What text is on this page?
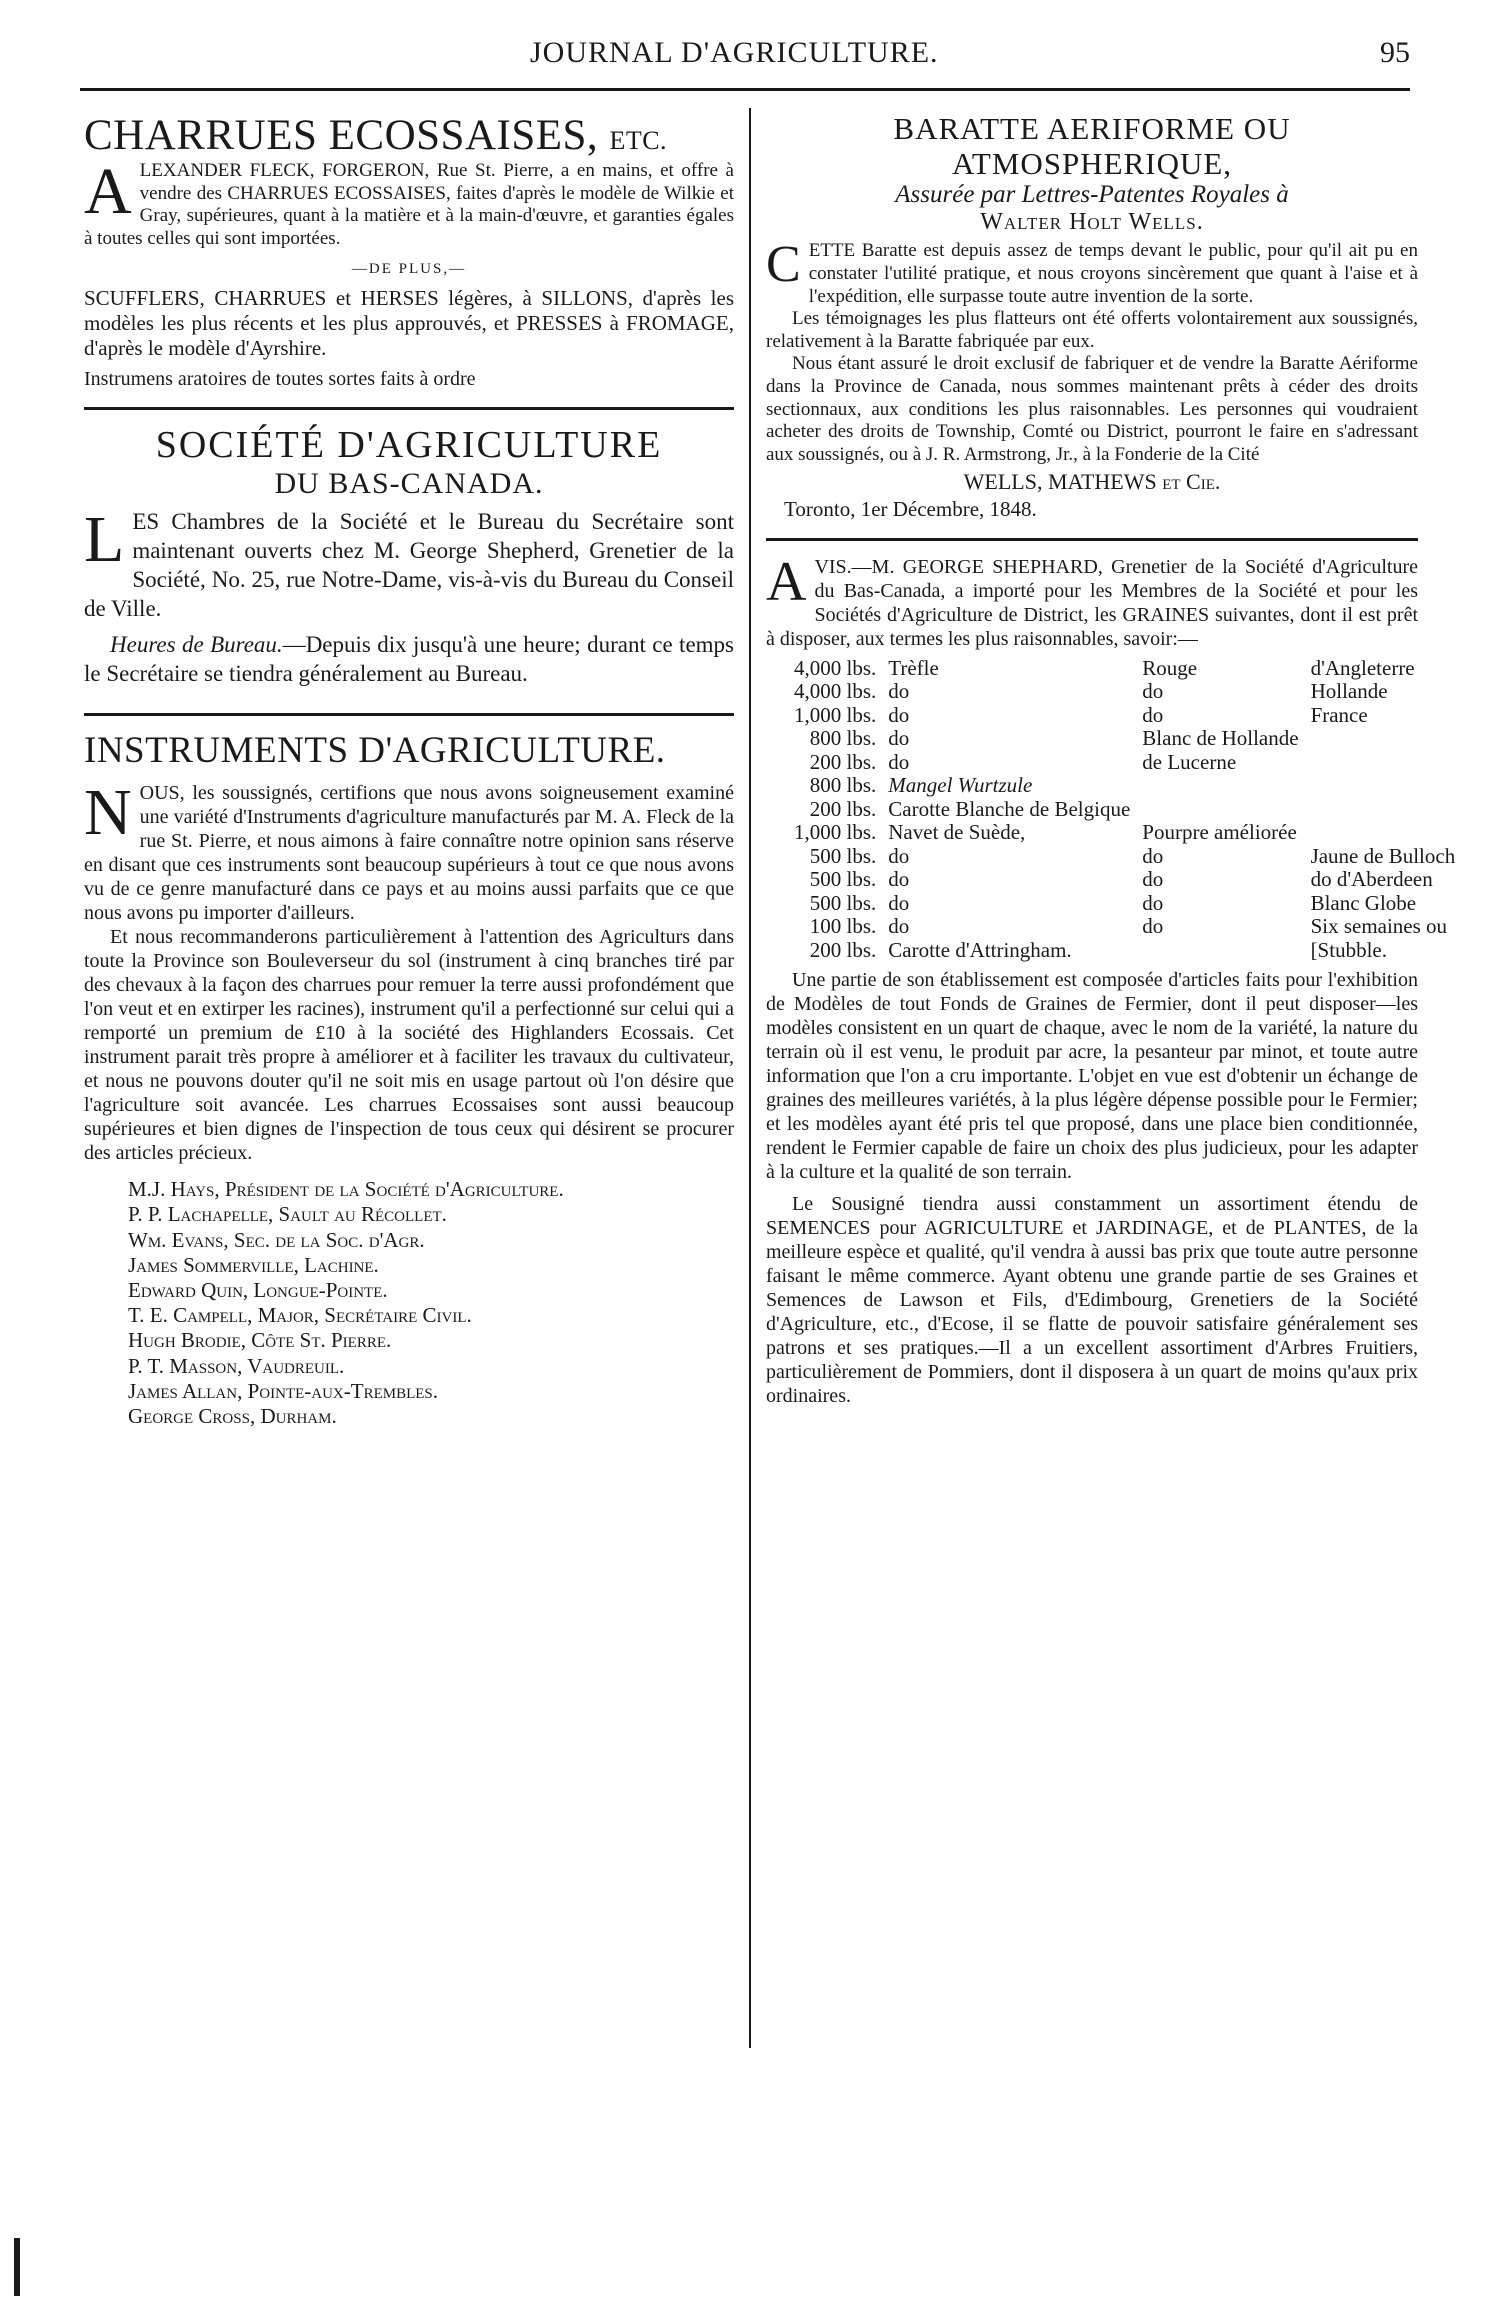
JOURNAL D'AGRICULTURE.	95
CHARRUES ECOSSAISES, ETC.

ALEXANDER FLECK, FORGERON, Rue St. Pierre, a en mains, et offre à vendre des CHARRUES ECOSSAISES, faites d'après le modèle de Wilkie et Gray, supérieures, quant à la matière et à la main-d'œuvre, et garanties égales à toutes celles qui sont importées.

—DE PLUS,—

SCUFFLERS, CHARRUES et HERSES légères, à SILLONS, d'après les modèles les plus récents et les plus approuvés, et PRESSES à FROMAGE, d'après le modèle d'Ayrshire.

Instrumens aratoires de toutes sortes faits à ordre

SOCIÉTÉ D'AGRICULTURE
DU BAS-CANADA.

LES Chambres de la Société et le Bureau du Secrétaire sont maintenant ouverts chez M. George Shepherd, Grenetier de la Société, No. 25, rue Notre-Dame, vis-à-vis du Bureau du Conseil de Ville.

Heures de Bureau.—Depuis dix jusqu'à une heure; durant ce temps le Secrétaire se tiendra généralement au Bureau.

INSTRUMENTS D'AGRICULTURE.

NOUS, les soussignés, certifions que nous avons soigneusement examiné une variété d'Instruments d'agriculture manufacturés par M. A. Fleck de la rue St. Pierre, et nous aimons à faire connaître notre opinion sans réserve en disant que ces instruments sont beaucoup supérieurs à tout ce que nous avons vu de ce genre manufacturé dans ce pays et au moins aussi parfaits que ce que nous avons pu importer d'ailleurs.

Et nous recommanderons particulièrement à l'attention des Agriculturs dans toute la Province son Bouleverseur du sol (instrument à cinq branches tiré par des chevaux à la façon des charrues pour remuer la terre aussi profondément que l'on veut et en extirper les racines), instrument qu'il a perfectionné sur celui qui a remporté un premium de £10 à la société des Highlanders Ecossais. Cet instrument parait très propre à améliorer et à faciliter les travaux du cultivateur, et nous ne pouvons douter qu'il ne soit mis en usage partout où l'on désire que l'agriculture soit avancée. Les charrues Ecossaises sont aussi beaucoup supérieures et bien dignes de l'inspection de tous ceux qui désirent se procurer des articles précieux.

M.J. Hays, Président de la Société d'Agriculture.
P. P. Lachapelle, Sault au Récollet.
Wm. Evans, Sec. de la Soc. d'Agr.
James Sommerville, Lachine.
Edward Quin, Longue-Pointe.
T. E. Campell, Major, Secrétaire Civil.
Hugh Brodie, Côte St. Pierre.
P. T. Masson, Vaudreuil.
James Allan, Pointe-aux-Trembles.
George Cross, Durham.
BARATTE AERIFORME OU ATMOSPHERIQUE,
Assurée par Lettres-Patentes Royales à
Walter Holt Wells.

CETTE Baratte est depuis assez de temps devant le public, pour qu'il ait pu en constater l'utilité pratique, et nous croyons sincèrement que quant à l'aise et à l'expédition, elle surpasse toute autre invention de la sorte.

Les témoignages les plus flatteurs ont été offerts volontairement aux soussignés, relativement à la Baratte fabriquée par eux.

Nous étant assuré le droit exclusif de fabriquer et de vendre la Baratte Aériforme dans la Province de Canada, nous sommes maintenant prêts à céder des droits sectionnaux, aux conditions les plus raisonnables. Les personnes qui voudraient acheter des droits de Township, Comté ou District, pourront le faire en s'adressant aux soussignés, ou à J. R. Armstrong, Jr., à la Fonderie de la Cité

WELLS, MATHEWS et Cie.
Toronto, 1er Décembre, 1848.

AVIS.—M. GEORGE SHEPHARD, Grenetier de la Société d'Agriculture du Bas-Canada, a importé pour les Membres de la Société et pour les Sociétés d'Agriculture de District, les GRAINES suivantes, dont il est prêt à disposer, aux termes les plus raisonnables, savoir:—

4,000 lbs.	Trèfle	Rouge	d'Angleterre
4,000 lbs.	do	do	Hollande
1,000 lbs.	do	do	France
800 lbs.	do	Blanc de Hollande	
200 lbs.	do	de Lucerne	
800 lbs.	Mangel Wurtzule		
200 lbs.	Carotte Blanche de Belgique		
1,000 lbs.	Navet de Suède,	Pourpre améliorée	
500 lbs.	do	do	Jaune de Bulloch
500 lbs.	do	do	do d'Aberdeen
500 lbs.	do	do	Blanc Globe
100 lbs.	do	do	Six semaines ou
200 lbs.	Carotte d'Attringham.		[Stubble.

Une partie de son établissement est composée d'articles faits pour l'exhibition de Modèles de tout Fonds de Graines de Fermier, dont il peut disposer—les modèles consistent en un quart de chaque, avec le nom de la variété, la nature du terrain où il est venu, le produit par acre, la pesanteur par minot, et toute autre information que l'on a cru importante. L'objet en vue est d'obtenir un échange de graines des meilleures variétés, à la plus légère dépense possible pour le Fermier; et les modèles ayant été pris tel que proposé, dans une place bien conditionnée, rendent le Fermier capable de faire un choix des plus judicieux, pour les adapter à la culture et la qualité de son terrain.

Le Sousigné tiendra aussi constamment un assortiment étendu de SEMENCES pour AGRICULTURE et JARDINAGE, et de PLANTES, de la meilleure espèce et qualité, qu'il vendra à aussi bas prix que toute autre personne faisant le même commerce. Ayant obtenu une grande partie de ses Graines et Semences de Lawson et Fils, d'Edimbourg, Grenetiers de la Société d'Agriculture, etc., d'Ecose, il se flatte de pouvoir satisfaire généralement ses patrons et ses pratiques.—Il a un excellent assortiment d'Arbres Fruitiers, particulièrement de Pommiers, dont il disposera à un quart de moins qu'aux prix ordinaires.
